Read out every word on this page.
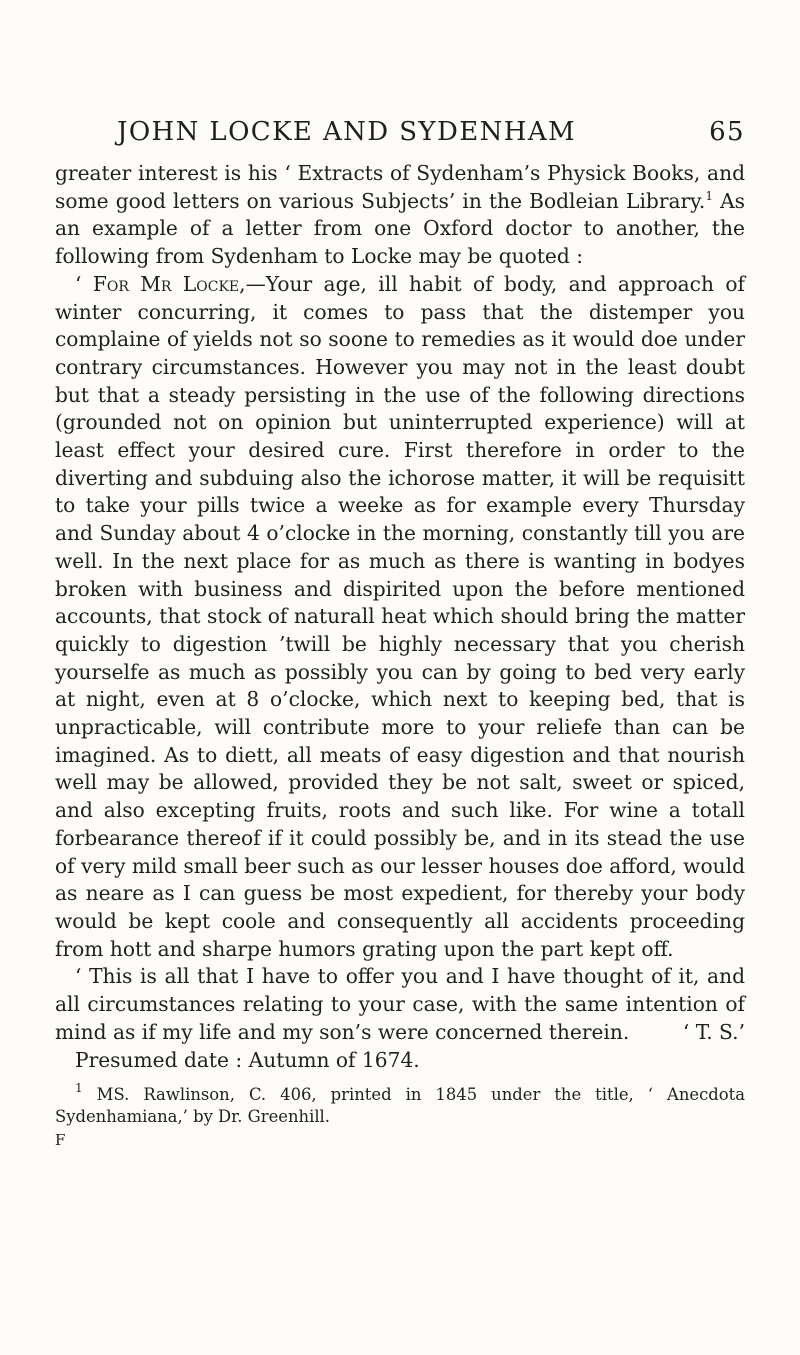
JOHN LOCKE AND SYDENHAM	65

greater interest is his ‘ Extracts of Sydenham’s Physick Books, and some good letters on various Subjects’ in the Bodleian Library.$^1$ As an example of a letter from one Oxford doctor to another, the following from Sydenham to Locke may be quoted :

‘ For Mr Locke,—Your age, ill habit of body, and approach of winter concurring, it comes to pass that the distemper you complaine of yields not so soone to remedies as it would doe under contrary circumstances. However you may not in the least doubt but that a steady persisting in the use of the following directions (grounded not on opinion but uninterrupted experience) will at least effect your desired cure. First therefore in order to the diverting and subduing also the ichorose matter, it will be requisitt to take your pills twice a weeke as for example every Thursday and Sunday about 4 o’clocke in the morning, constantly till you are well. In the next place for as much as there is wanting in bodyes broken with business and dispirited upon the before mentioned accounts, that stock of naturall heat which should bring the matter quickly to digestion ’twill be highly necessary that you cherish yourselfe as much as possibly you can by going to bed very early at night, even at 8 o’clocke, which next to keeping bed, that is unpracticable, will contribute more to your reliefe than can be imagined. As to diett, all meats of easy digestion and that nourish well may be allowed, provided they be not salt, sweet or spiced, and also excepting fruits, roots and such like. For wine a totall forbearance thereof if it could possibly be, and in its stead the use of very mild small beer such as our lesser houses doe afford, would as neare as I can guess be most expedient, for thereby your body would be kept coole and consequently all accidents proceeding from hott and sharpe humors grating upon the part kept off.

‘ This is all that I have to offer you and I have thought of it, and all circumstances relating to your case, with the same intention of mind as if my life and my son’s were concerned therein.	‘ T. S.’

Presumed date : Autumn of 1674.

$^1$ MS. Rawlinson, C. 406, printed in 1845 under the title, ‘ Anecdota Sydenhamiana,’ by Dr. Greenhill.

F
